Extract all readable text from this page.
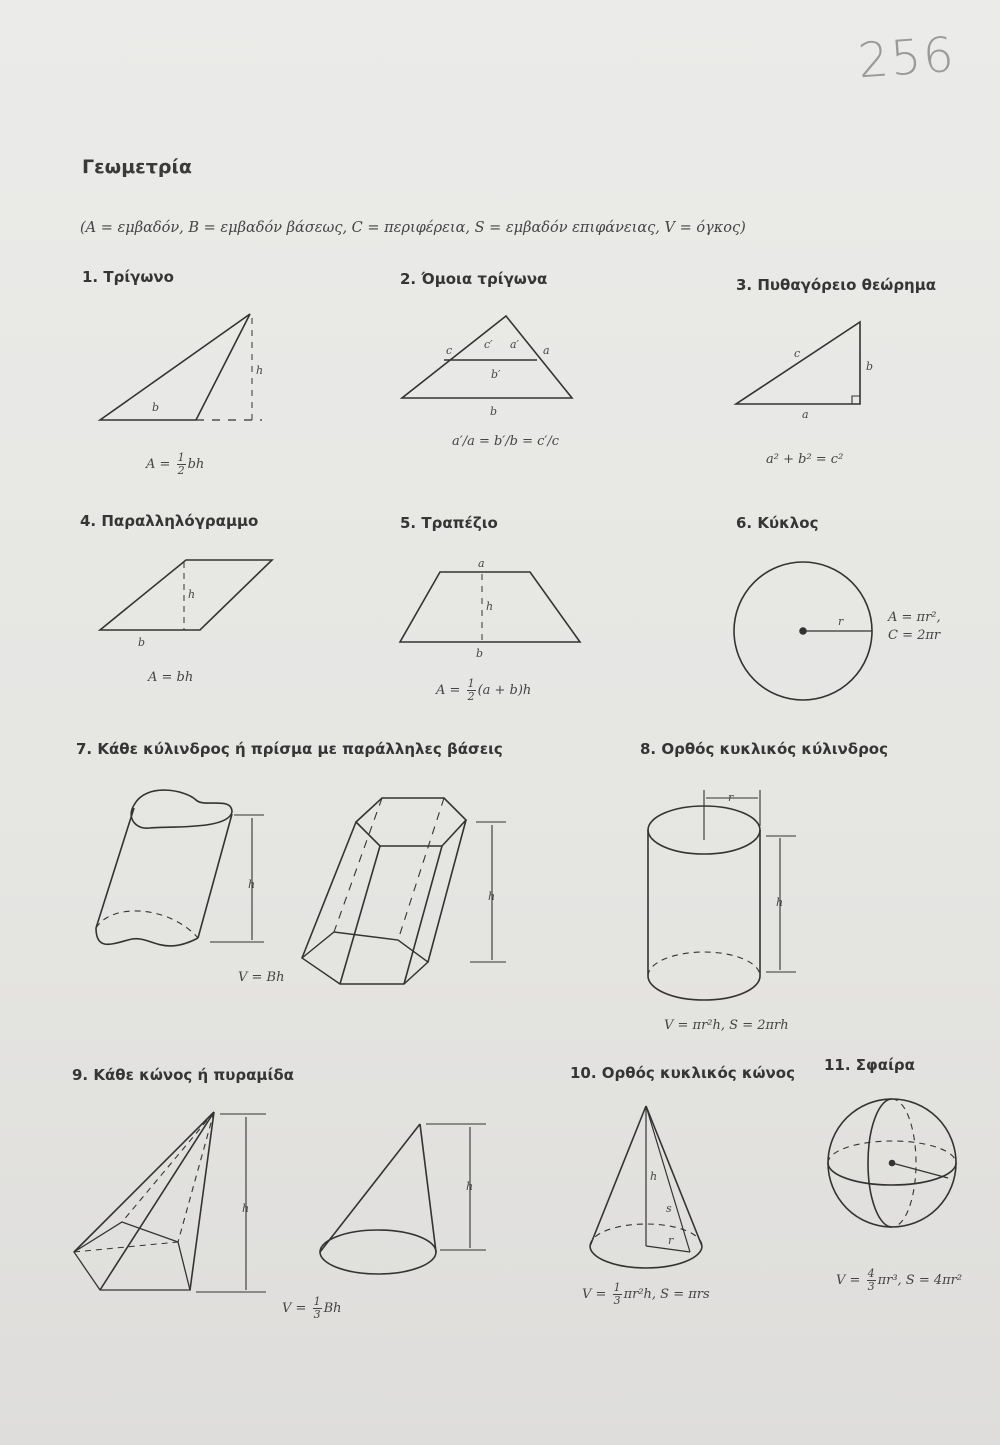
256
Γεωμετρία
(A = εμβαδόν, B = εμβαδόν βάσεως, C = περιφέρεια, S = εμβαδόν επιφάνειας, V = όγκος)
1. Τρίγωνο	2. Όμοια τρίγωνα	3. Πυθαγόρειο θεώρημα
4. Παραλληλόγραμμο	5. Τραπέζιο	6. Κύκλος
7. Κάθε κύλινδρος ή πρίσμα με παράλληλες βάσεις	8. Ορθός κυκλικός κύλινδρος
9. Κάθε κώνος ή πυραμίδα	10. Ορθός κυκλικός κώνος 11. Σφαίρα
h
b
c	c′ a′ a
b′
b
c
b
a
h
b
a
h
b
r
h
h
r
h
h
h
h
s
r
$A = \frac{1}{2}$ bh
a′/a = b′/b = c′/c
a² + b² = c²
A = bh
$A = \frac{1}{2} (a + b)h$
A = πr²,
C = 2πr
V = Bh
V = πr²h, S = 2πrh
$V = \frac{1}{3}$ Bh
$V = \frac{1}{3} \pi r^2h$, S = πrs
$V = \frac{4}{3} \pi r^3$, S = 4πr²
